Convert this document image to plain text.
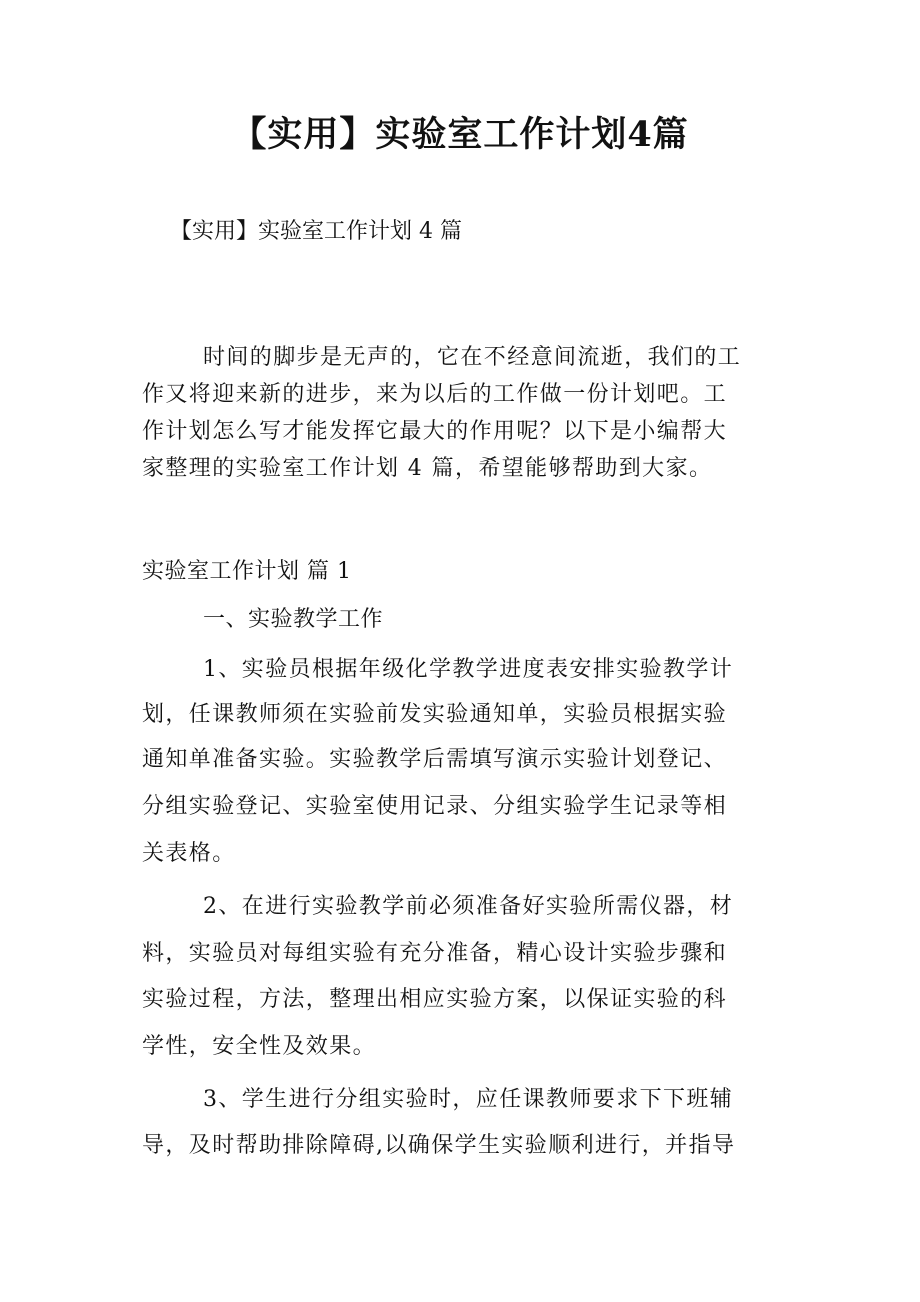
【实用】实验室工作计划4篇
【实用】实验室工作计划 4 篇
时间的脚步是无声的，它在不经意间流逝，我们的工
作又将迎来新的进步，来为以后的工作做一份计划吧。工
作计划怎么写才能发挥它最大的作用呢？以下是小编帮大
家整理的实验室工作计划 4 篇，希望能够帮助到大家。
实验室工作计划 篇 1
一、实验教学工作
1、实验员根据年级化学教学进度表安排实验教学计
划，任课教师须在实验前发实验通知单，实验员根据实验
通知单准备实验。实验教学后需填写演示实验计划登记、
分组实验登记、实验室使用记录、分组实验学生记录等相
关表格。
2、在进行实验教学前必须准备好实验所需仪器，材
料，实验员对每组实验有充分准备，精心设计实验步骤和
实验过程，方法，整理出相应实验方案，以保证实验的科
学性，安全性及效果。
3、学生进行分组实验时，应任课教师要求下下班辅
导，及时帮助排除障碍,以确保学生实验顺利进行，并指导
